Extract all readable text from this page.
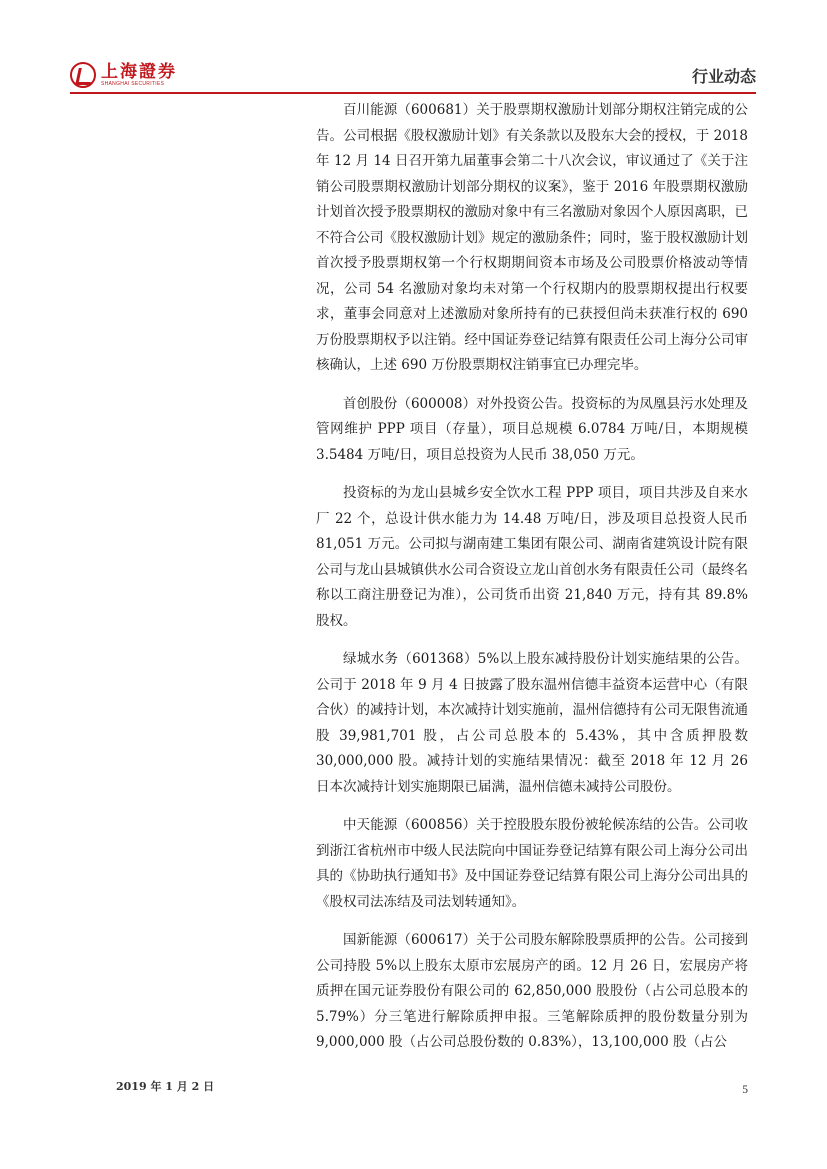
上海證券
SHANGHAI SECURITIES	行业动态

百川能源（600681）关于股票期权激励计划部分期权注销完成的公告。公司根据《股权激励计划》有关条款以及股东大会的授权，于 2018 年 12 月 14 日召开第九届董事会第二十八次会议，审议通过了《关于注销公司股票期权激励计划部分期权的议案》，鉴于 2016 年股票期权激励计划首次授予股票期权的激励对象中有三名激励对象因个人原因离职，已不符合公司《股权激励计划》规定的激励条件；同时，鉴于股权激励计划首次授予股票期权第一个行权期期间资本市场及公司股票价格波动等情况，公司 54 名激励对象均未对第一个行权期内的股票期权提出行权要求，董事会同意对上述激励对象所持有的已获授但尚未获准行权的 690 万份股票期权予以注销。经中国证券登记结算有限责任公司上海分公司审核确认，上述 690 万份股票期权注销事宜已办理完毕。

首创股份（600008）对外投资公告。投资标的为凤凰县污水处理及管网维护 PPP 项目（存量），项目总规模 6.0784 万吨/日，本期规模 3.5484 万吨/日，项目总投资为人民币 38,050 万元。

投资标的为龙山县城乡安全饮水工程 PPP 项目，项目共涉及自来水厂 22 个，总设计供水能力为 14.48 万吨/日，涉及项目总投资人民币 81,051 万元。公司拟与湖南建工集团有限公司、湖南省建筑设计院有限公司与龙山县城镇供水公司合资设立龙山首创水务有限责任公司（最终名称以工商注册登记为准），公司货币出资 21,840 万元，持有其 89.8%股权。

绿城水务（601368）5%以上股东减持股份计划实施结果的公告。公司于 2018 年 9 月 4 日披露了股东温州信德丰益资本运营中心（有限合伙）的减持计划，本次减持计划实施前，温州信德持有公司无限售流通股 39,981,701 股，占公司总股本的 5.43%，其中含质押股数 30,000,000 股。减持计划的实施结果情况：截至 2018 年 12 月 26 日本次减持计划实施期限已届满，温州信德未减持公司股份。

中天能源（600856）关于控股股东股份被轮候冻结的公告。公司收到浙江省杭州市中级人民法院向中国证券登记结算有限公司上海分公司出具的《协助执行通知书》及中国证券登记结算有限公司上海分公司出具的《股权司法冻结及司法划转通知》。

国新能源（600617）关于公司股东解除股票质押的公告。公司接到公司持股 5%以上股东太原市宏展房产的函。12 月 26 日，宏展房产将质押在国元证券股份有限公司的 62,850,000 股股份（占公司总股本的 5.79%）分三笔进行解除质押申报。三笔解除质押的股份数量分别为 9,000,000 股（占公司总股份数的 0.83%），13,100,000 股（占公

2019 年 1 月 2 日	5
